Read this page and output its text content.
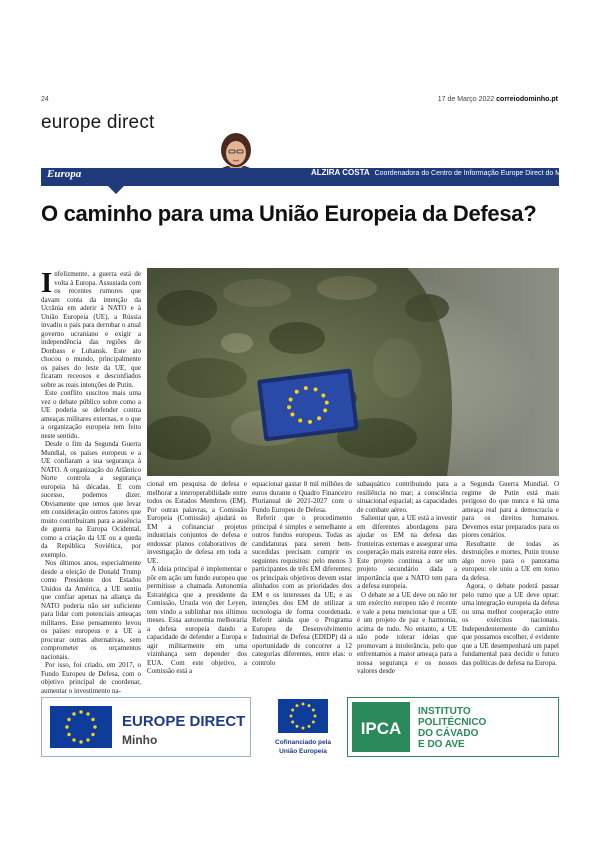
24	17 de Março 2022 correiodominho.pt
europe direct
Europa	ALZIRA COSTA Coordenadora do Centro de Informação Europe Direct do Minho
O caminho para uma União Europeia da Defesa?
I nfelizmente, a guerra está de volta à Europa. Assustada com os recentes rumores que davam conta da intenção da Ucrânia em aderir à NATO e à União Europeia (UE), a Rússia invadiu o país para derrubar o atual governo ucraniano e exigir a independência das regiões de Donbass e Luhansk. Este ato chocou o mundo, principalmente os países do leste da UE, que ficaram receosos e desconfiados sobre as reais intenções de Putin.

Este conflito suscitou mais uma vez o debate público sobre como a UE poderia se defender contra ameaças militares externas, e o que a organização europeia tem feito neste sentido.

Desde o fim da Segunda Guerra Mundial, os países europeus e a UE confiaram a sua segurança à NATO. A organização do Atlântico Norte controla a segurança europeia há décadas. E com sucesso, podemos dizer. Obviamente que temos que levar em consideração outros fatores que muito contribuíram para a ausência de guerra na Europa Ocidental, como a criação da UE ou a queda da República Soviética, por exemplo.

Nos últimos anos, especialmente desde a eleição de Donald Trump como Presidente dos Estados Unidos da América, a UE sentiu que confiar apenas na aliança da NATO poderia não ser suficiente para lidar com potenciais ameaças militares. Esse pensamento levou os países europeus e a UE a procurar outras alternativas, sem comprometer os orçamentos nacionais.

Por isso, foi criado, em 2017, o Fundo Europeu de Defesa, com o objetivo principal de coordenar, aumentar o investimento na-

cional em pesquisa de defesa e melhorar a interoperabilidade entre todos os Estados Membros (EM). Por outras palavras, a Comissão Europeia (Comissão) ajudará os EM a cofinanciar projetos industriais conjuntos de defesa e endossar planos colaborativos de investigação de defesa em toda a UE.

A ideia principal é implementar e pôr em ação um fundo europeu que permitisse a chamada Autonomia Estratégica que a presidente da Comissão, Ursula von der Leyen, tem vindo a sublinhar nos últimos meses. Essa autonomia melhoraria a defesa europeia dando a capacidade de defender a Europa e agir militarmente em uma vizinhança sem depender dos EUA. Com este objetivo, a Comissão está a

equacionar gastar 8 mil milhões de euros durante o Quadro Financeiro Plurianual de 2021-2027 com o Fundo Europeu de Defesa.

Referir que o procedimento principal é simples e semelhante a outros fundos europeus. Todas as candidaturas para serem bem-sucedidas precisam cumprir os seguintes requisitos: pelo menos 3 participantes de três EM diferentes; os principais objetivos devem estar alinhados com as prioridades dos EM e os interesses da UE; e as intenções dos EM de utilizar a tecnologia de forma coordenada. Referir ainda que o Programa Europeu de Desenvolvimento Industrial de Defesa (EDIDP) dá a oportunidade de concorrer a 12 categorias diferentes, entre elas: o controlo

subaquático contribuindo para a resiliência no mar; a consciência situacional espacial; as capacidades de combate aéreo.

Salientar que, a UE está a investir em diferentes abordagens para ajudar os EM na defesa das fronteiras externas e assegurar uma cooperação mais estreita entre eles. Este projeto continua a ser um projeto secundário dada a importância que a NATO tem para a defesa europeia.

O debate se a UE deve ou não ter um exército europeu não é recente e vale a pena mencionar que a UE é um projeto de paz e harmonia, acima de tudo. No entanto, a UE não pode tolerar ideias que promovam a intolerância, pelo que enfrentamos a maior ameaça para a nossa segurança e os nossos valores desde

a Segunda Guerra Mundial. O regime de Putin está mais perigoso do que nunca e há uma ameaça real para a democracia e para os direitos humanos. Devemos estar preparados para os piores cenários.

Resultante de todas as destruições e mortes, Putin trouxe algo novo para o panorama europeu: ele uniu a UE em torno da defesa.

Agora, o debate poderá passar pelo rumo que a UE deve optar: uma integração europeia da defesa ou uma melhor cooperação entre os exércitos nacionais. Independentemente do caminho que possamos escolher, é evidente que a UE desempenhará um papel fundamental para decidir o futuro das políticas de defesa na Europa.

EUROPE DIRECT
Minho	Cofinanciado pela
União Europeia
IPCA
INSTITUTO
POLITÉCNICO
DO CÁVADO
E DO AVE
